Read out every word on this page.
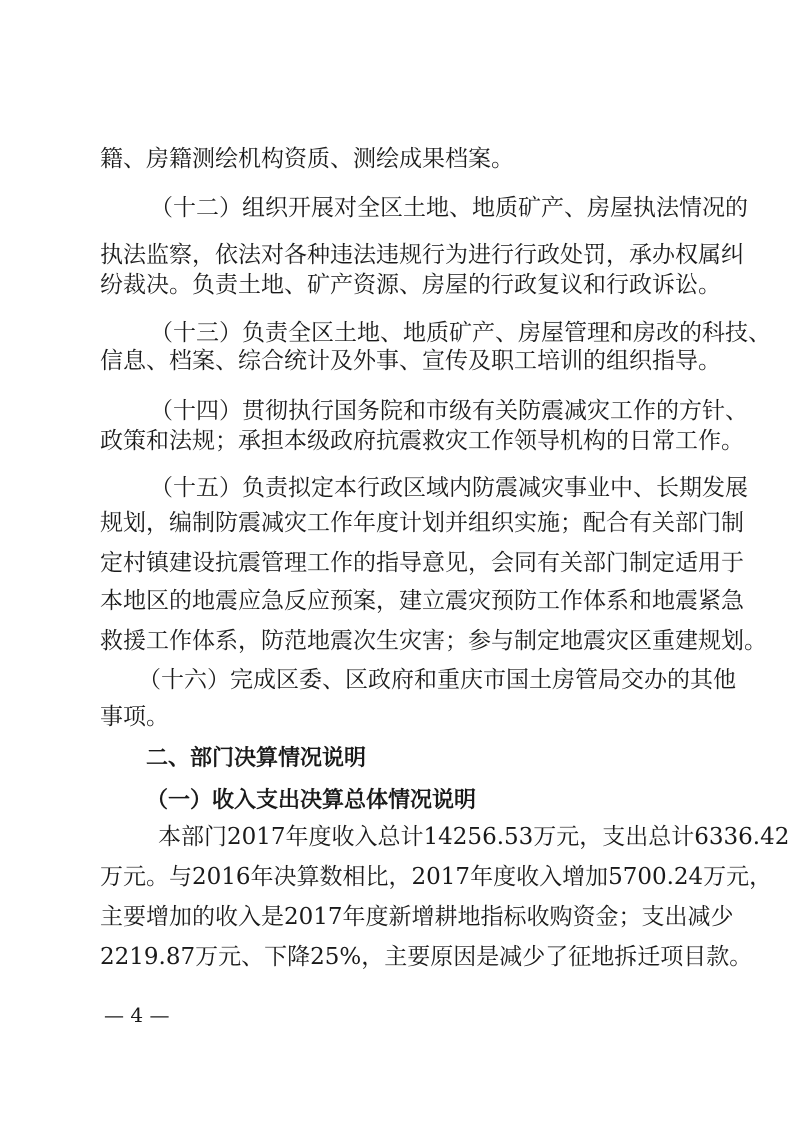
籍、房籍测绘机构资质、测绘成果档案。
（十二）组织开展对全区土地、地质矿产、房屋执法情况的
执法监察，依法对各种违法违规行为进行行政处罚，承办权属纠
纷裁决。负责土地、矿产资源、房屋的行政复议和行政诉讼。
（十三）负责全区土地、地质矿产、房屋管理和房改的科技、
信息、档案、综合统计及外事、宣传及职工培训的组织指导。
（十四）贯彻执行国务院和市级有关防震减灾工作的方针、
政策和法规；承担本级政府抗震救灾工作领导机构的日常工作。
（十五）负责拟定本行政区域内防震减灾事业中、长期发展
规划，编制防震减灾工作年度计划并组织实施；配合有关部门制
定村镇建设抗震管理工作的指导意见，会同有关部门制定适用于
本地区的地震应急反应预案，建立震灾预防工作体系和地震紧急
救援工作体系，防范地震次生灾害；参与制定地震灾区重建规划。
（十六）完成区委、区政府和重庆市国土房管局交办的其他
事项。
二、部门决算情况说明
（一）收入支出决算总体情况说明
本部门2017年度收入总计14256.53万元，支出总计6336.42
万元。与2016年决算数相比，2017年度收入增加5700.24万元，
主要增加的收入是2017年度新增耕地指标收购资金；支出减少
2219.87万元、下降25%，主要原因是减少了征地拆迁项目款。
— 4 —
